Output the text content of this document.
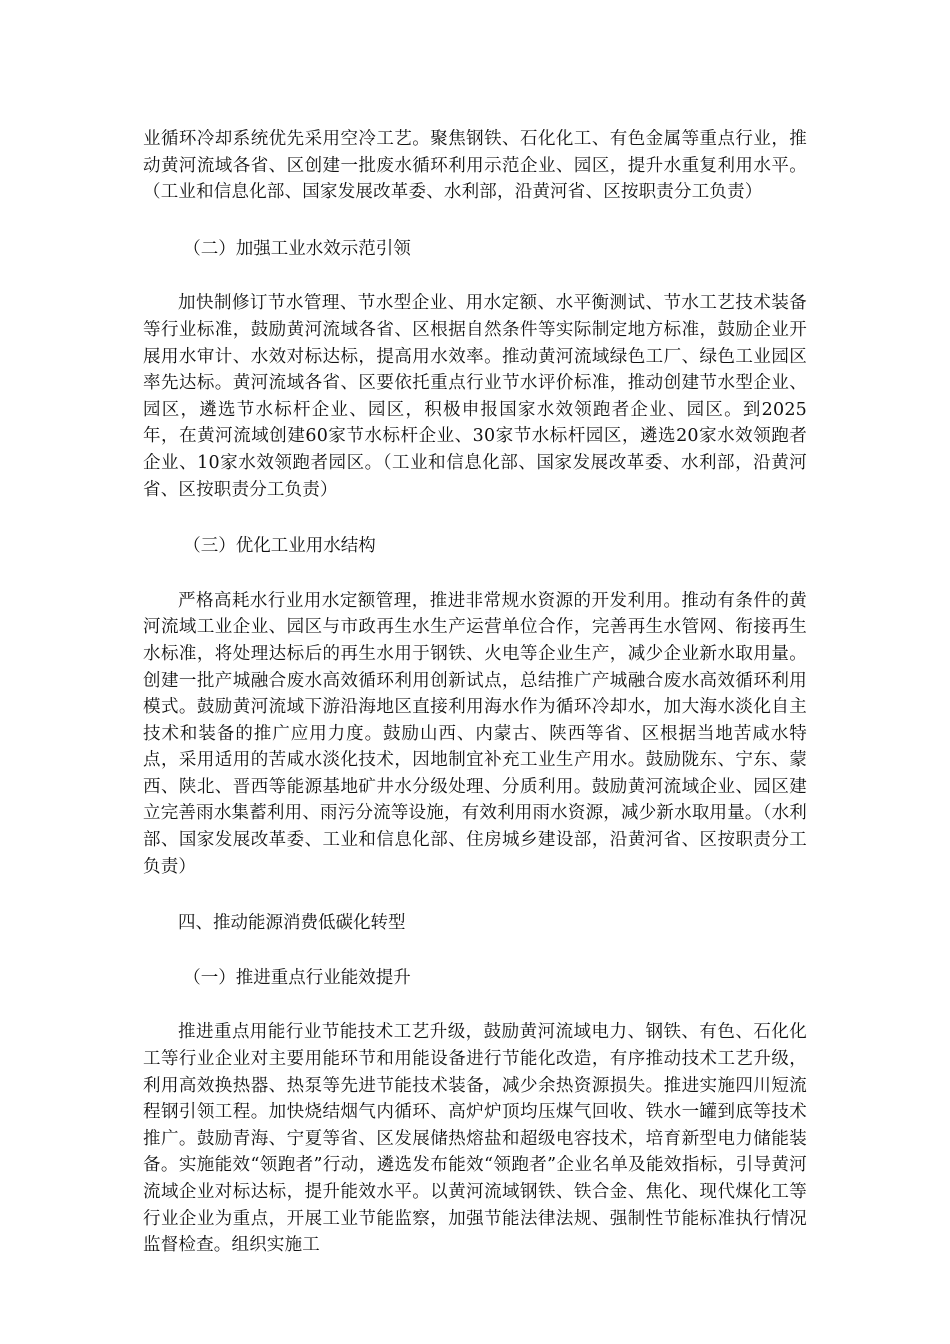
业循环冷却系统优先采用空冷工艺。聚焦钢铁、石化化工、有色金属等重点行业，推动黄河流域各省、区创建一批废水循环利用示范企业、园区，提升水重复利用水平。（工业和信息化部、国家发展改革委、水利部，沿黄河省、区按职责分工负责）

（二）加强工业水效示范引领

加快制修订节水管理、节水型企业、用水定额、水平衡测试、节水工艺技术装备等行业标准，鼓励黄河流域各省、区根据自然条件等实际制定地方标准，鼓励企业开展用水审计、水效对标达标，提高用水效率。推动黄河流域绿色工厂、绿色工业园区率先达标。黄河流域各省、区要依托重点行业节水评价标准，推动创建节水型企业、园区，遴选节水标杆企业、园区，积极申报国家水效领跑者企业、园区。到2025年，在黄河流域创建60家节水标杆企业、30家节水标杆园区，遴选20家水效领跑者企业、10家水效领跑者园区。（工业和信息化部、国家发展改革委、水利部，沿黄河省、区按职责分工负责）

（三）优化工业用水结构

严格高耗水行业用水定额管理，推进非常规水资源的开发利用。推动有条件的黄河流域工业企业、园区与市政再生水生产运营单位合作，完善再生水管网、衔接再生水标准，将处理达标后的再生水用于钢铁、火电等企业生产，减少企业新水取用量。创建一批产城融合废水高效循环利用创新试点，总结推广产城融合废水高效循环利用模式。鼓励黄河流域下游沿海地区直接利用海水作为循环冷却水，加大海水淡化自主技术和装备的推广应用力度。鼓励山西、内蒙古、陕西等省、区根据当地苦咸水特点，采用适用的苦咸水淡化技术，因地制宜补充工业生产用水。鼓励陇东、宁东、蒙西、陕北、晋西等能源基地矿井水分级处理、分质利用。鼓励黄河流域企业、园区建立完善雨水集蓄利用、雨污分流等设施，有效利用雨水资源，减少新水取用量。（水利部、国家发展改革委、工业和信息化部、住房城乡建设部，沿黄河省、区按职责分工负责）

四、推动能源消费低碳化转型

（一）推进重点行业能效提升

推进重点用能行业节能技术工艺升级，鼓励黄河流域电力、钢铁、有色、石化化工等行业企业对主要用能环节和用能设备进行节能化改造，有序推动技术工艺升级，利用高效换热器、热泵等先进节能技术装备，减少余热资源损失。推进实施四川短流程钢引领工程。加快烧结烟气内循环、高炉炉顶均压煤气回收、铁水一罐到底等技术推广。鼓励青海、宁夏等省、区发展储热熔盐和超级电容技术，培育新型电力储能装备。实施能效“领跑者”行动，遴选发布能效“领跑者”企业名单及能效指标，引导黄河流域企业对标达标，提升能效水平。以黄河流域钢铁、铁合金、焦化、现代煤化工等行业企业为重点，开展工业节能监察，加强节能法律法规、强制性节能标准执行情况监督检查。组织实施工
